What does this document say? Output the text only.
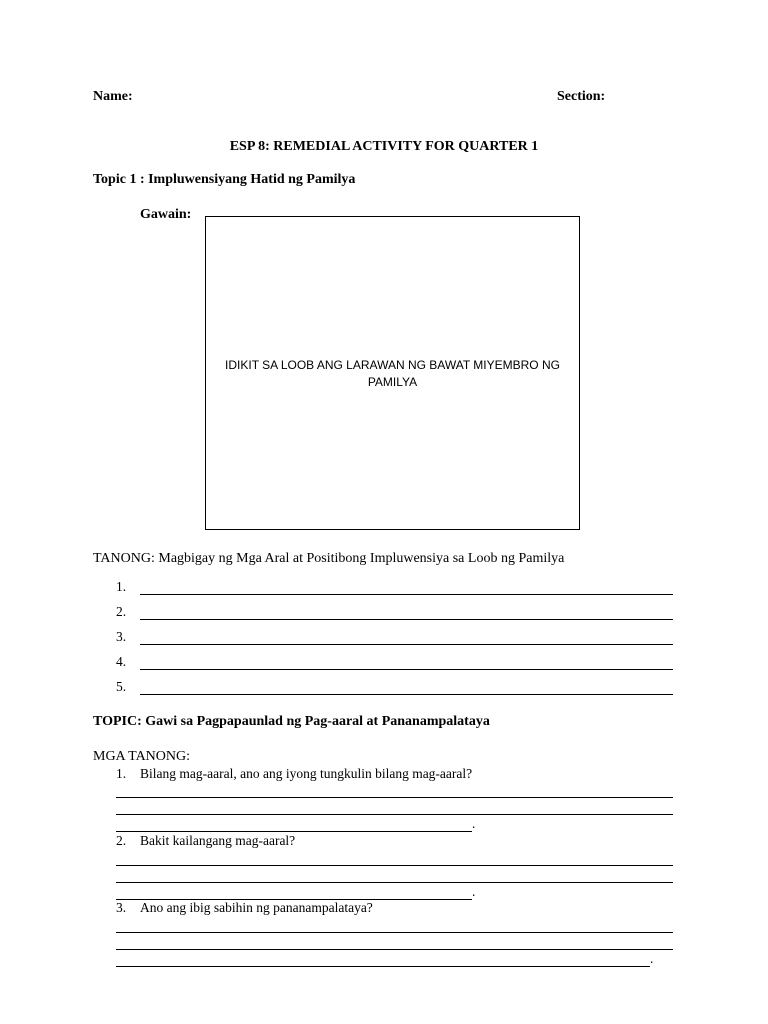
Name:	Section:
ESP 8: REMEDIAL ACTIVITY FOR QUARTER 1
Topic 1 : Impluwensiyang Hatid ng Pamilya
Gawain:
IDIKIT SA LOOB ANG LARAWAN NG BAWAT MIYEMBRO NG PAMILYA
TANONG: Magbigay ng Mga Aral at Positibong Impluwensiya sa Loob ng Pamilya
1.
2.
3.
4.
5.
TOPIC: Gawi sa Pagpapaunlad ng Pag-aaral at Pananampalataya
MGA TANONG:
1. Bilang mag-aaral, ano ang iyong tungkulin bilang mag-aaral?
.
2. Bakit kailangang mag-aaral?
.
3. Ano ang ibig sabihin ng pananampalataya?
.
